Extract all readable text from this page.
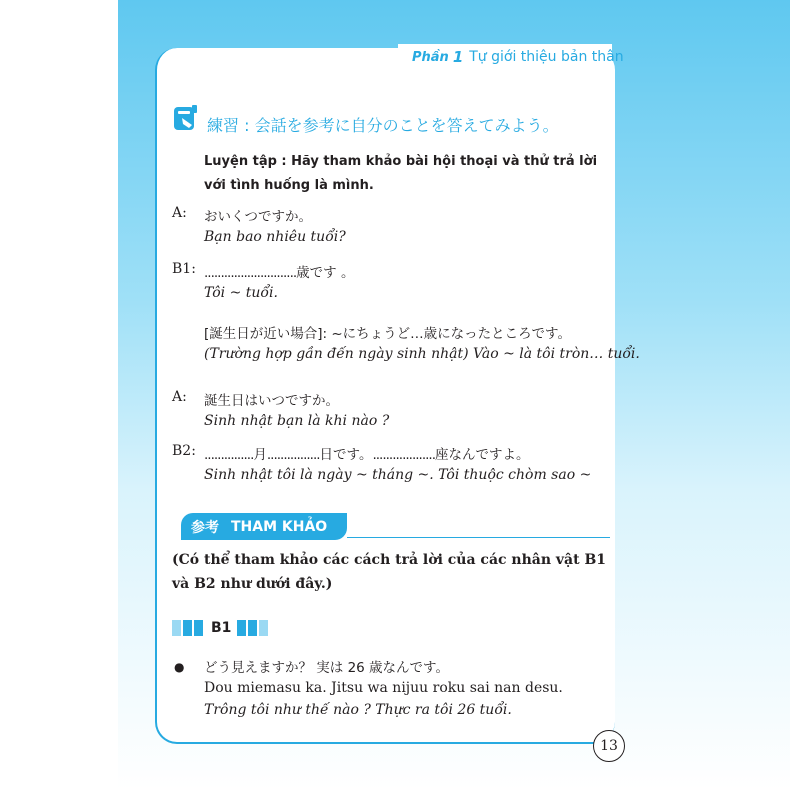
Phần 1 Tự giới thiệu bản thân
練習 : 会話を参考に自分のことを答えてみよう。
Luyện tập : Hãy tham khảo bài hội thoại và thử trả lời với tình huống là mình.
A: おいくつですか。
Bạn bao nhiêu tuổi?
B1: ............................歳です 。
Tôi ~ tuổi.
[誕生日が近い場合]: ~にちょうど…歳になったところです。
(Trường hợp gần đến ngày sinh nhật) Vào ~ là tôi tròn… tuổi.
A: 誕生日はいつですか。
Sinh nhật bạn là khi nào ?
B2: ...............月................日です。...................座なんですよ。
Sinh nhật tôi là ngày ~ tháng ~. Tôi thuộc chòm sao ~
参考 THAM KHẢO
(Có thể tham khảo các cách trả lời của các nhân vật B1 và B2 như dưới đây.)
B1
● どう見えますか？ 実は 26 歳なんです。
Dou miemasu ka. Jitsu wa nijuu roku sai nan desu.
Trông tôi như thế nào ? Thực ra tôi 26 tuổi.
13
